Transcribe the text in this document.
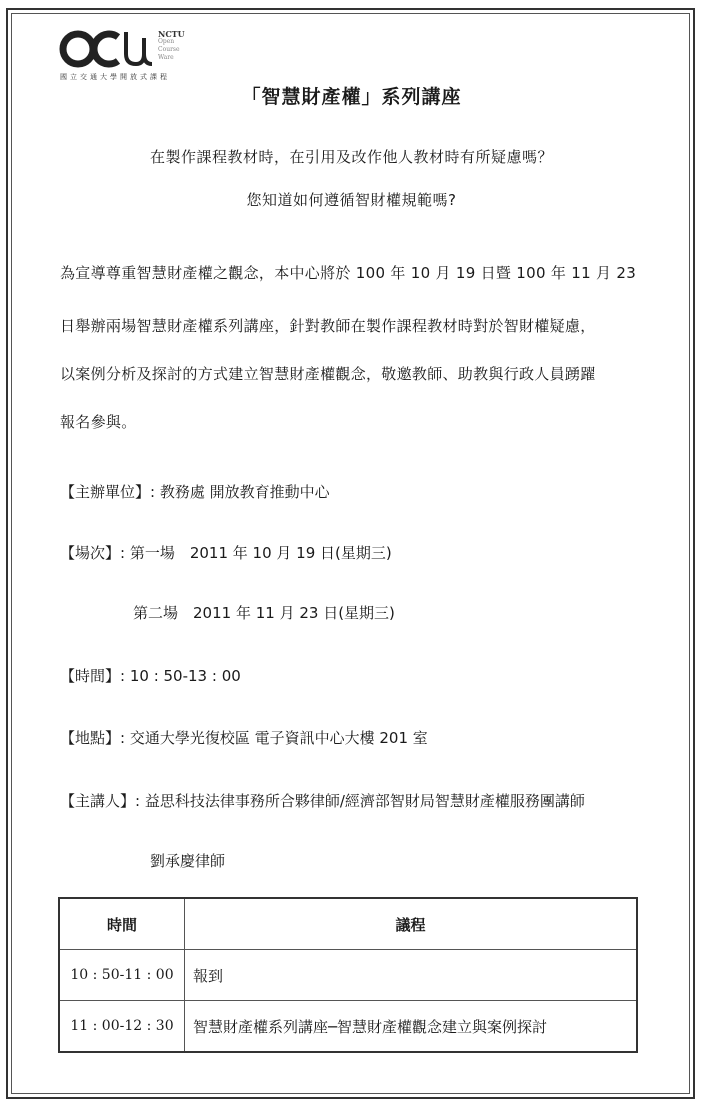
NCTU
Open
Course
Ware
國立交通大學開放式課程
「智慧財產權」系列講座
在製作課程教材時，在引用及改作他人教材時有所疑慮嗎？
您知道如何遵循智財權規範嗎?
為宣導尊重智慧財產權之觀念，本中心將於 100 年 10 月 19 日暨 100 年 11 月 23
日舉辦兩場智慧財產權系列講座，針對教師在製作課程教材時對於智財權疑慮，
以案例分析及探討的方式建立智慧財產權觀念，敬邀教師、助教與行政人員踴躍
報名參與。
【主辦單位】: 教務處 開放教育推動中心
【場次】: 第一場　2011 年 10 月 19 日(星期三)
第二場　2011 年 11 月 23 日(星期三)
【時間】: 10 : 50-13 : 00
【地點】: 交通大學光復校區 電子資訊中心大樓 201 室
【主講人】: 益思科技法律事務所合夥律師/經濟部智財局智慧財產權服務團講師
劉承慶律師
時間	議程
10 : 50-11 : 00	報到
11 : 00-12 : 30	智慧財產權系列講座─智慧財產權觀念建立與案例探討
